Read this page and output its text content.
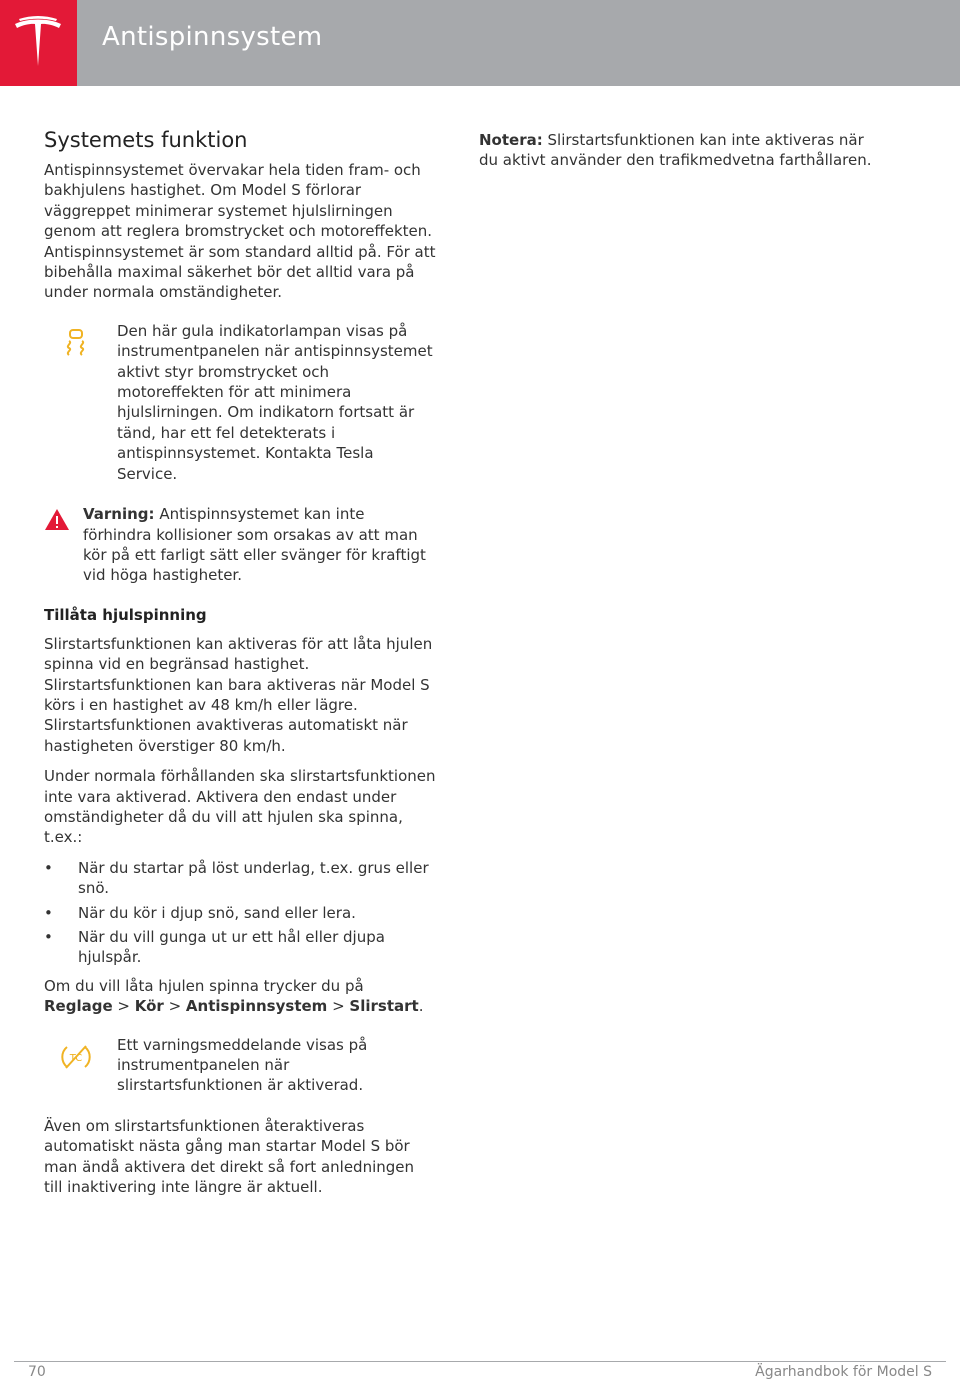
Antispinnsystem
Systemets funktion

Antispinnsystemet övervakar hela tiden fram- och bakhjulens hastighet. Om Model S förlorar väggreppet minimerar systemet hjulslirningen genom att reglera bromstrycket och motoreffekten. Antispinnsystemet är som standard alltid på. För att bibehålla maximal säkerhet bör det alltid vara på under normala omständigheter.

Den här gula indikatorlampan visas på instrumentpanelen när antispinnsystemet aktivt styr bromstrycket och motoreffekten för att minimera hjulslirningen. Om indikatorn fortsatt är tänd, har ett fel detekterats i antispinnsystemet. Kontakta Tesla Service.

Varning: Antispinnsystemet kan inte förhindra kollisioner som orsakas av att man kör på ett farligt sätt eller svänger för kraftigt vid höga hastigheter.

Tillåta hjulspinning

Slirstartsfunktionen kan aktiveras för att låta hjulen spinna vid en begränsad hastighet. Slirstartsfunktionen kan bara aktiveras när Model S körs i en hastighet av 48 km/h eller lägre. Slirstartsfunktionen avaktiveras automatiskt när hastigheten överstiger 80 km/h.

Under normala förhållanden ska slirstartsfunktionen inte vara aktiverad. Aktivera den endast under omständigheter då du vill att hjulen ska spinna, t.ex.:

• När du startar på löst underlag, t.ex. grus eller snö.
• När du kör i djup snö, sand eller lera.
• När du vill gunga ut ur ett hål eller djupa hjulspår.

Om du vill låta hjulen spinna trycker du på Reglage > Kör > Antispinnsystem > Slirstart.

TC

Ett varningsmeddelande visas på instrumentpanelen när slirstartsfunktionen är aktiverad.

Även om slirstartsfunktionen återaktiveras automatiskt nästa gång man startar Model S bör man ändå aktivera det direkt så fort anledningen till inaktivering inte längre är aktuell.

Notera: Slirstartsfunktionen kan inte aktiveras när du aktivt använder den trafikmedvetna farthållaren.

70	Ägarhandbok för Model S
